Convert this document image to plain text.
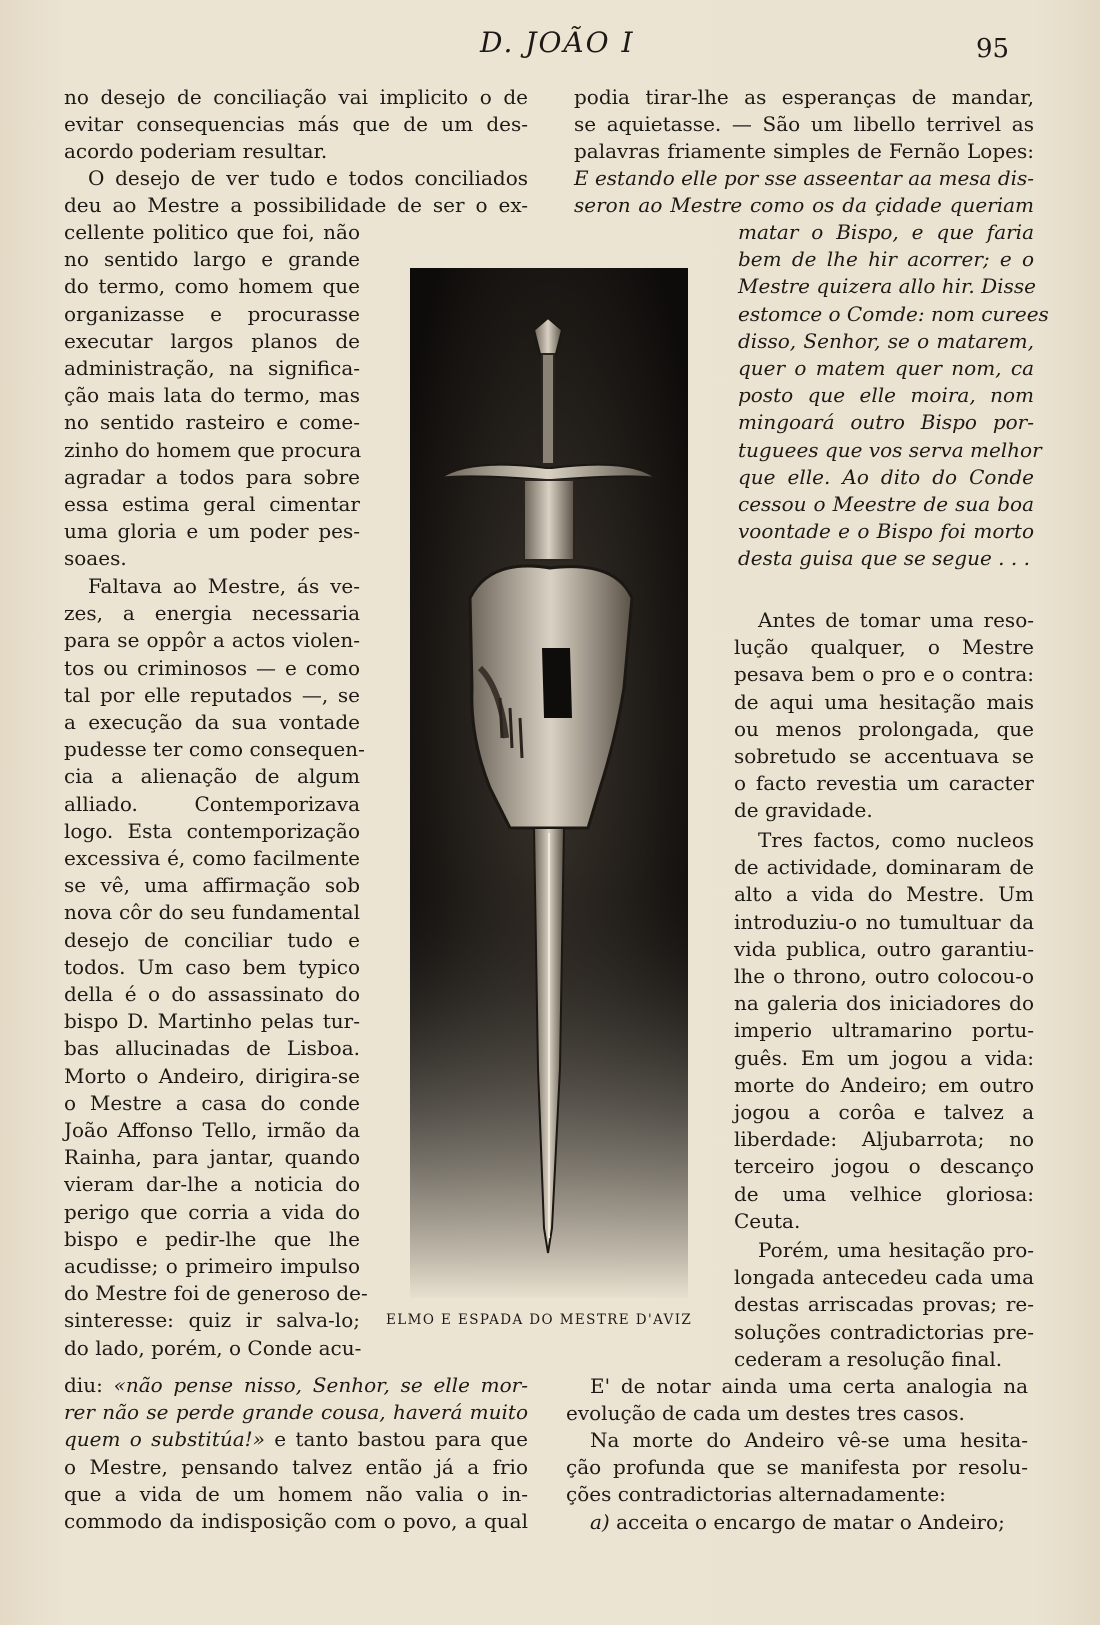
D. JOÃO I	95
no desejo de conciliação vai implicito o de
evitar consequencias más que de um des-
acordo poderiam resultar.
O desejo de ver tudo e todos conciliados
deu ao Mestre a possibilidade de ser o ex-
cellente politico que foi, não
no sentido largo e grande
do termo, como homem que
organizasse e procurasse
executar largos planos de
administração, na significa-
ção mais lata do termo, mas
no sentido rasteiro e come-
zinho do homem que procura
agradar a todos para sobre
essa estima geral cimentar
uma gloria e um poder pes-
soaes.
Faltava ao Mestre, ás ve-
zes, a energia necessaria
para se oppôr a actos violen-
tos ou criminosos — e como
tal por elle reputados —, se
a execução da sua vontade
pudesse ter como consequen-
cia a alienação de algum
alliado. Contemporizava
logo. Esta contemporização
excessiva é, como facilmente
se vê, uma affirmação sob
nova côr do seu fundamental
desejo de conciliar tudo e
todos. Um caso bem typico
della é o do assassinato do
bispo D. Martinho pelas tur-
bas allucinadas de Lisboa.
Morto o Andeiro, dirigira-se
o Mestre a casa do conde
João Affonso Tello, irmão da
Rainha, para jantar, quando
vieram dar-lhe a noticia do
perigo que corria a vida do
bispo e pedir-lhe que lhe
acudisse; o primeiro impulso
do Mestre foi de generoso de-
sinteresse: quiz ir salva-lo;
do lado, porém, o Conde acu-
diu: «não pense nisso, Senhor, se elle mor-
rer não se perde grande cousa, haverá muito
quem o substitúa!» e tanto bastou para que
o Mestre, pensando talvez então já a frio
que a vida de um homem não valia o in-
commodo da indisposição com o povo, a qual
podia tirar-lhe as esperanças de mandar,
se aquietasse. — São um libello terrivel as
palavras friamente simples de Fernão Lopes:
E estando elle por sse asseentar aa mesa dis-
seron ao Mestre como os da çidade queriam
matar o Bispo, e que faria
bem de lhe hir acorrer; e o
Mestre quizera allo hir. Disse
estomce o Comde: nom curees
disso, Senhor, se o matarem,
quer o matem quer nom, ca
posto que elle moira, nom
mingoará outro Bispo por-
tuguees que vos serva melhor
que elle. Ao dito do Conde
cessou o Meestre de sua boa
voontade e o Bispo foi morto
desta guisa que se segue . . .
Antes de tomar uma reso-
lução qualquer, o Mestre
pesava bem o pro e o contra:
de aqui uma hesitação mais
ou menos prolongada, que
sobretudo se accentuava se
o facto revestia um caracter
de gravidade.
Tres factos, como nucleos
de actividade, dominaram de
alto a vida do Mestre. Um
introduziu-o no tumultuar da
vida publica, outro garantiu-
lhe o throno, outro colocou-o
na galeria dos iniciadores do
imperio ultramarino portu-
guês. Em um jogou a vida:
morte do Andeiro; em outro
jogou a corôa e talvez a
liberdade: Aljubarrota; no
terceiro jogou o descanço
de uma velhice gloriosa:
Ceuta.
Porém, uma hesitação pro-
longada antecedeu cada uma
destas arriscadas provas; re-
soluções contradictorias pre-
cederam a resolução final.
E' de notar ainda uma certa analogia na
evolução de cada um destes tres casos.
Na morte do Andeiro vê-se uma hesita-
ção profunda que se manifesta por resolu-
ções contradictorias alternadamente:
a) acceita o encargo de matar o Andeiro;
ELMO E ESPADA DO MESTRE D'AVIZ
